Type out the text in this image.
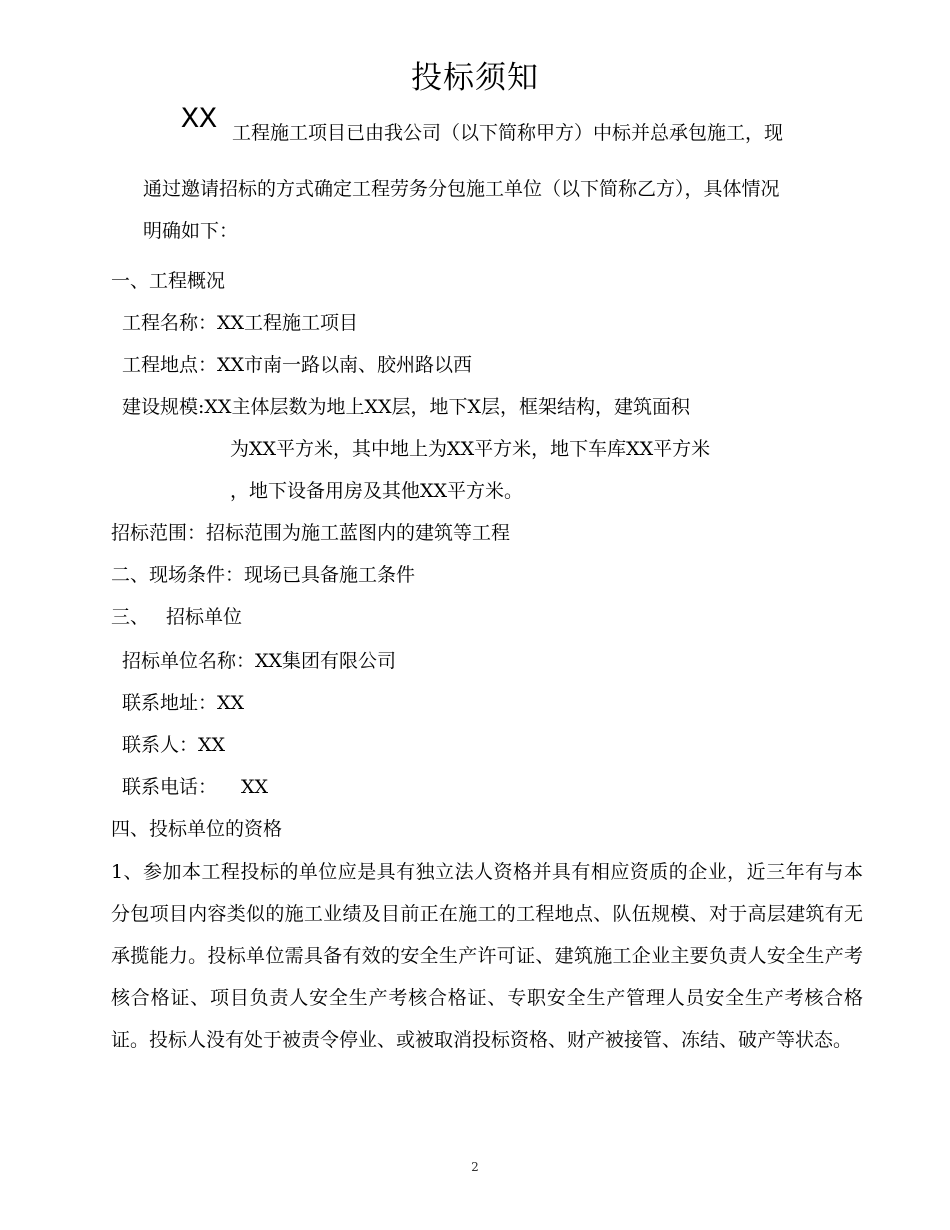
投标须知
XX 工程施工项目已由我公司（以下简称甲方）中标并总承包施工，现
通过邀请招标的方式确定工程劳务分包施工单位（以下简称乙方），具体情况
明确如下：
一、工程概况
工程名称：XX工程施工项目
工程地点：XX市南一路以南、胶州路以西
建设规模:XX主体层数为地上XX层，地下X层，框架结构，建筑面积
为XX平方米，其中地上为XX平方米，地下车库XX平方米
，地下设备用房及其他XX平方米。
招标范围：招标范围为施工蓝图内的建筑等工程
二、现场条件：现场已具备施工条件
三、 招标单位
招标单位名称：XX集团有限公司
联系地址：XX
联系人：XX
联系电话： XX
四、投标单位的资格
1、参加本工程投标的单位应是具有独立法人资格并具有相应资质的企业，近三年有与本分包项目内容类似的施工业绩及目前正在施工的工程地点、队伍规模、对于高层建筑有无承揽能力。投标单位需具备有效的安全生产许可证、建筑施工企业主要负责人安全生产考核合格证、项目负责人安全生产考核合格证、专职安全生产管理人员安全生产考核合格证。投标人没有处于被责令停业、或被取消投标资格、财产被接管、冻结、破产等状态。
2
